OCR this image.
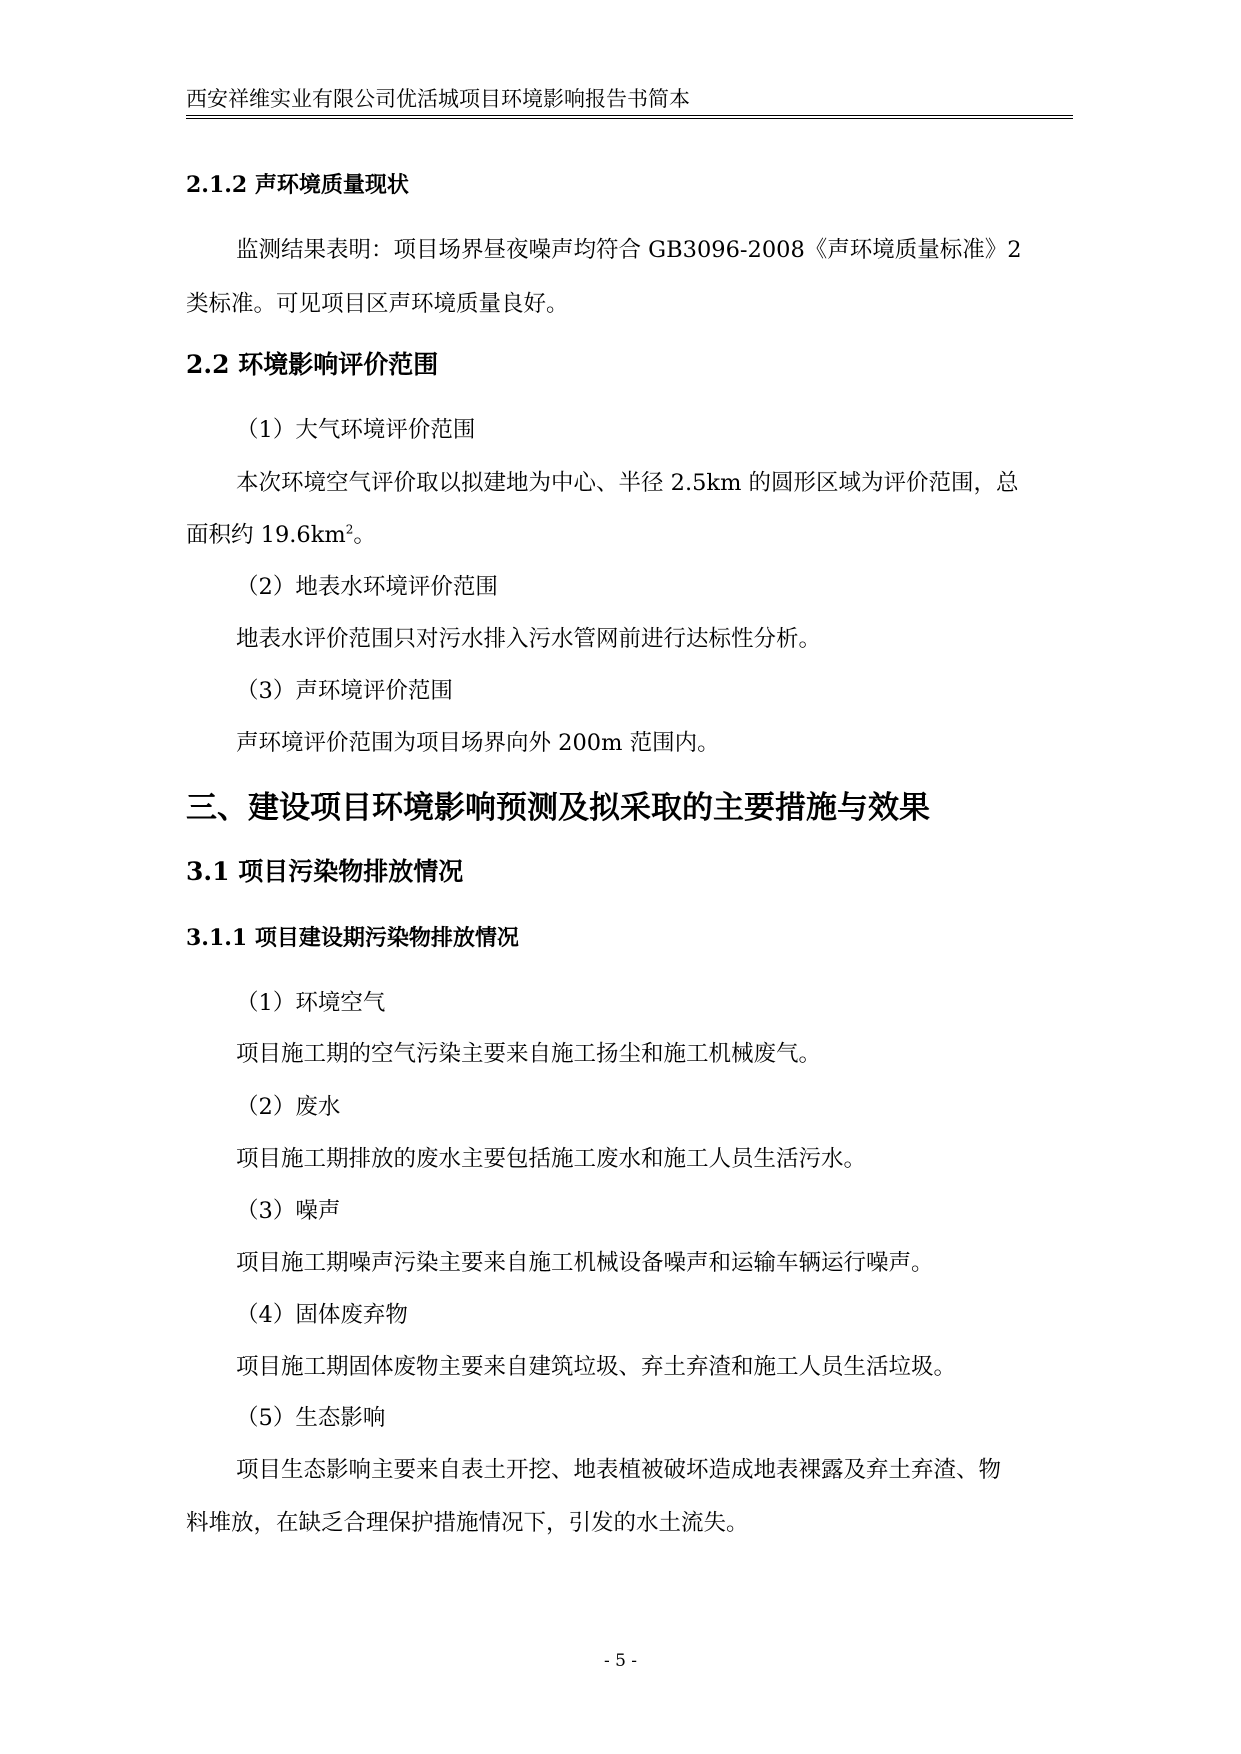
西安祥维实业有限公司优活城项目环境影响报告书简本
2.1.2 声环境质量现状
监测结果表明：项目场界昼夜噪声均符合 GB3096-2008《声环境质量标准》2
类标准。可见项目区声环境质量良好。
2.2 环境影响评价范围
（1）大气环境评价范围
本次环境空气评价取以拟建地为中心、半径 2.5km 的圆形区域为评价范围，总
面积约 $19.6km^2$。
（2）地表水环境评价范围
地表水评价范围只对污水排入污水管网前进行达标性分析。
（3）声环境评价范围
声环境评价范围为项目场界向外 200m 范围内。
三、建设项目环境影响预测及拟采取的主要措施与效果
3.1 项目污染物排放情况
3.1.1 项目建设期污染物排放情况
（1）环境空气
项目施工期的空气污染主要来自施工扬尘和施工机械废气。
（2）废水
项目施工期排放的废水主要包括施工废水和施工人员生活污水。
（3）噪声
项目施工期噪声污染主要来自施工机械设备噪声和运输车辆运行噪声。
（4）固体废弃物
项目施工期固体废物主要来自建筑垃圾、弃土弃渣和施工人员生活垃圾。
（5）生态影响
项目生态影响主要来自表土开挖、地表植被破坏造成地表裸露及弃土弃渣、物
料堆放，在缺乏合理保护措施情况下，引发的水土流失。
- 5 -
